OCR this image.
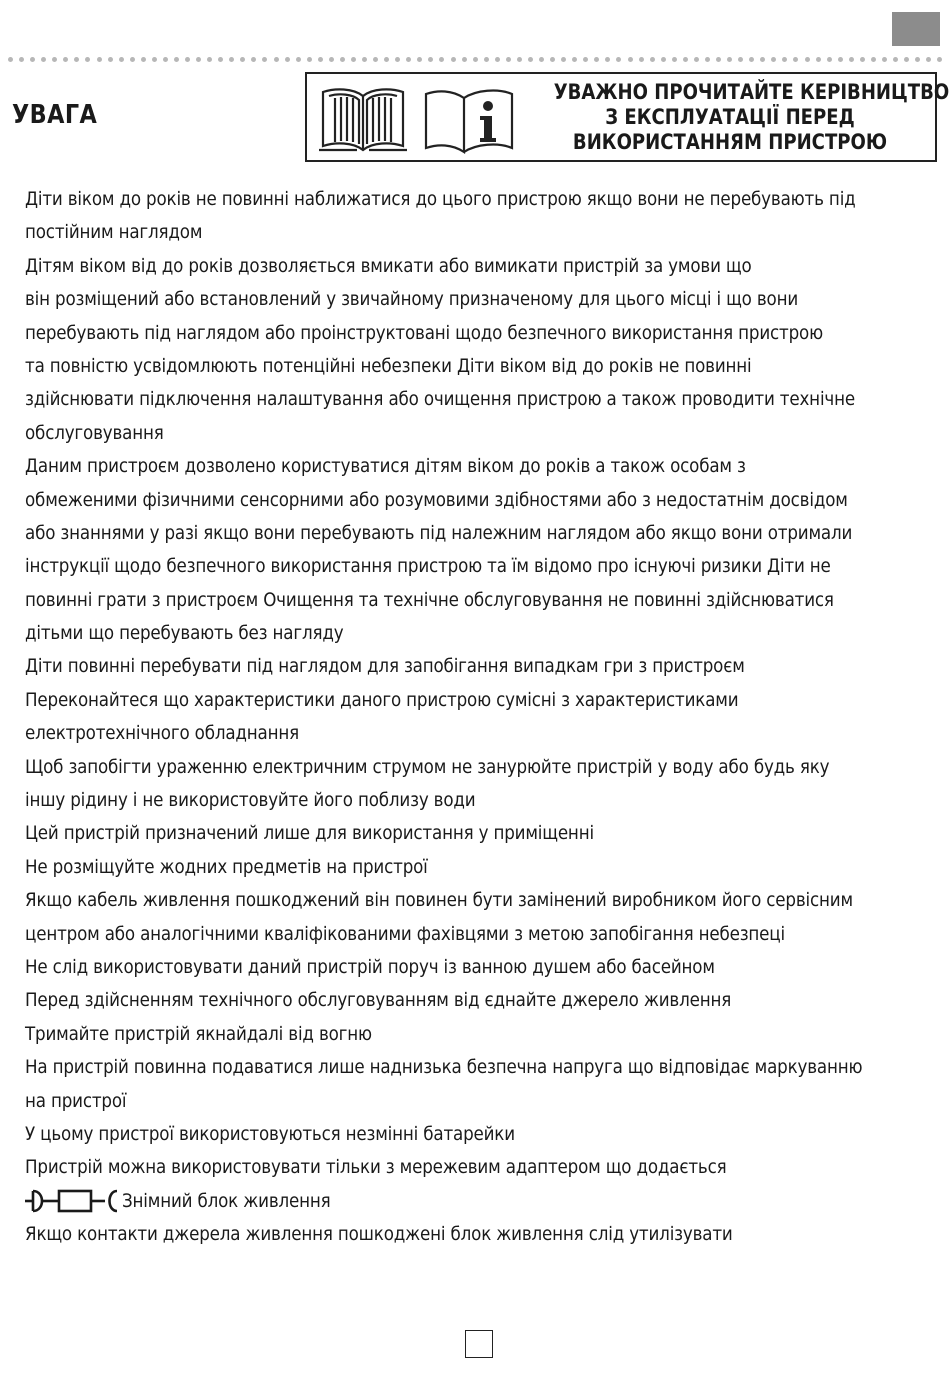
УВАГА
УВАЖНО ПРОЧИТАЙТЕ КЕРІВНИЦТВО
З ЕКСПЛУАТАЦІЇ ПЕРЕД
ВИКОРИСТАННЯМ ПРИСТРОЮ
Діти віком до років не повинні наближатися до цього пристрою якщо вони не перебувають під
постійним наглядом
Дітям віком від до років дозволяється вмикати або вимикати пристрій за умови що
він розміщений або встановлений у звичайному призначеному для цього місці і що вони
перебувають під наглядом або проінструктовані щодо безпечного використання пристрою
та повністю усвідомлюють потенційні небезпеки Діти віком від до років не повинні
здійснювати підключення налаштування або очищення пристрою а також проводити технічне
обслуговування
Даним пристроєм дозволено користуватися дітям віком до років а також особам з
обмеженими фізичними сенсорними або розумовими здібностями або з недостатнім досвідом
або знаннями у разі якщо вони перебувають під належним наглядом або якщо вони отримали
інструкції щодо безпечного використання пристрою та їм відомо про існуючі ризики Діти не
повинні грати з пристроєм Очищення та технічне обслуговування не повинні здійснюватися
дітьми що перебувають без нагляду
Діти повинні перебувати під наглядом для запобігання випадкам гри з пристроєм
Переконайтеся що характеристики даного пристрою сумісні з характеристиками
електротехнічного обладнання
Щоб запобігти ураженню електричним струмом не занурюйте пристрій у воду або будь яку
іншу рідину і не використовуйте його поблизу води
Цей пристрій призначений лише для використання у приміщенні
Не розміщуйте жодних предметів на пристрої
Якщо кабель живлення пошкоджений він повинен бути замінений виробником його сервісним
центром або аналогічними кваліфікованими фахівцями з метою запобігання небезпеці
Не слід використовувати даний пристрій поруч із ванною душем або басейном
Перед здійсненням технічного обслуговуванням від єднайте джерело живлення
Тримайте пристрій якнайдалі від вогню
На пристрій повинна подаватися лише наднизька безпечна напруга що відповідає маркуванню
на пристрої
У цьому пристрої використовуються незмінні батарейки
Пристрій можна використовувати тільки з мережевим адаптером що додається
Знімний блок живлення
Якщо контакти джерела живлення пошкоджені блок живлення слід утилізувати
